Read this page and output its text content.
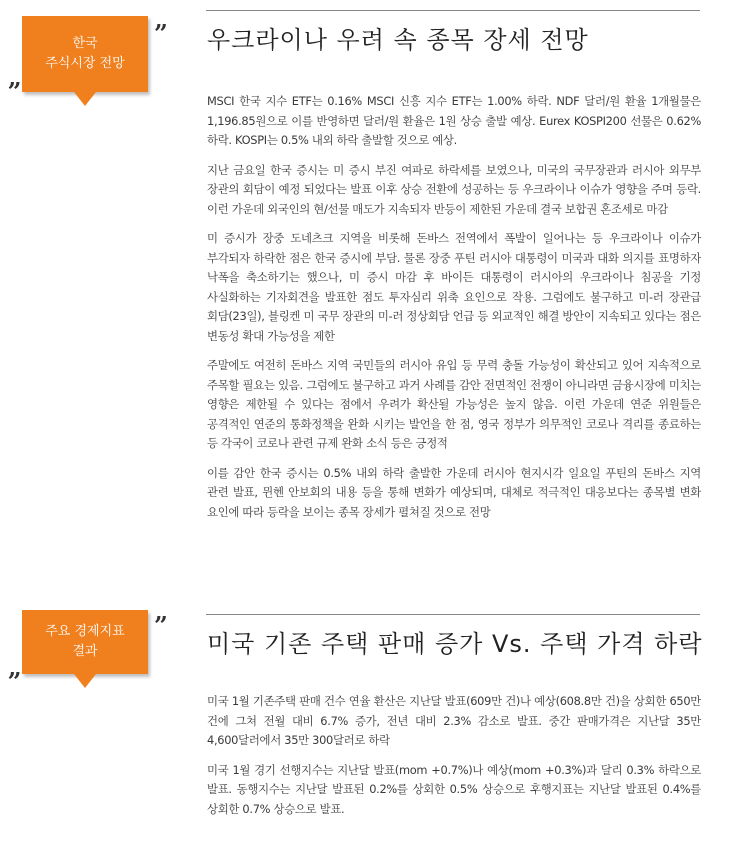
„
한국
주식시장 전망
” 우크라이나 우려 속 종목 장세 전망

MSCI 한국 지수 ETF는 0.16% MSCI 신흥 지수 ETF는 1.00% 하락. NDF 달러/원 환율 1개월물은 1,196.85원으로 이를 반영하면 달러/원 환율은 1원 상승 출발 예상. Eurex KOSPI200 선물은 0.62% 하락. KOSPI는 0.5% 내외 하락 출발할 것으로 예상.

지난 금요일 한국 증시는 미 증시 부진 여파로 하락세를 보였으나, 미국의 국무장관과 러시아 외무부 장관의 회담이 예정 되었다는 발표 이후 상승 전환에 성공하는 등 우크라이나 이슈가 영향을 주며 등락. 이런 가운데 외국인의 현/선물 매도가 지속되자 반등이 제한된 가운데 결국 보합권 혼조세로 마감

미 증시가 장중 도네츠크 지역을 비롯해 돈바스 전역에서 폭발이 일어나는 등 우크라이나 이슈가 부각되자 하락한 점은 한국 증시에 부담. 물론 장중 푸틴 러시아 대통령이 미국과 대화 의지를 표명하자 낙폭을 축소하기는 했으나, 미 증시 마감 후 바이든 대통령이 러시아의 우크라이나 침공을 기정 사실화하는 기자회견을 발표한 점도 투자심리 위축 요인으로 작용. 그럼에도 불구하고 미-러 장관급 회담(23일), 블링켄 미 국무 장관의 미-러 정상회담 언급 등 외교적인 해결 방안이 지속되고 있다는 점은 변동성 확대 가능성을 제한

주말에도 여전히 돈바스 지역 국민들의 러시아 유입 등 무력 충돌 가능성이 확산되고 있어 지속적으로 주목할 필요는 있음. 그럼에도 불구하고 과거 사례를 감안 전면적인 전쟁이 아니라면 금융시장에 미치는 영향은 제한될 수 있다는 점에서 우려가 확산될 가능성은 높지 않음. 이런 가운데 연준 위원들은 공격적인 연준의 통화정책을 완화 시키는 발언을 한 점, 영국 정부가 의무적인 코로나 격리를 종료하는 등 각국이 코로나 관련 규제 완화 소식 등은 긍정적

이를 감안 한국 증시는 0.5% 내외 하락 출발한 가운데 러시아 현지시각 일요일 푸틴의 돈바스 지역 관련 발표, 뮌헨 안보회의 내용 등을 통해 변화가 예상되며, 대체로 적극적인 대응보다는 종목별 변화 요인에 따라 등락을 보이는 종목 장세가 펼쳐질 것으로 전망

„
주요 경제지표
결과
”
미국 기존 주택 판매 증가 Vs. 주택 가격 하락

미국 1월 기존주택 판매 건수 연율 환산은 지난달 발표(609만 건)나 예상(608.8만 건)을 상회한 650만 건에 그쳐 전월 대비 6.7% 증가, 전년 대비 2.3% 감소로 발표. 중간 판매가격은 지난달 35만 4,600달러에서 35만 300달러로 하락

미국 1월 경기 선행지수는 지난달 발표(mom +0.7%)나 예상(mom +0.3%)과 달리 0.3% 하락으로 발표. 동행지수는 지난달 발표된 0.2%를 상회한 0.5% 상승으로 후행지표는 지난달 발표된 0.4%를 상회한 0.7% 상승으로 발표.
